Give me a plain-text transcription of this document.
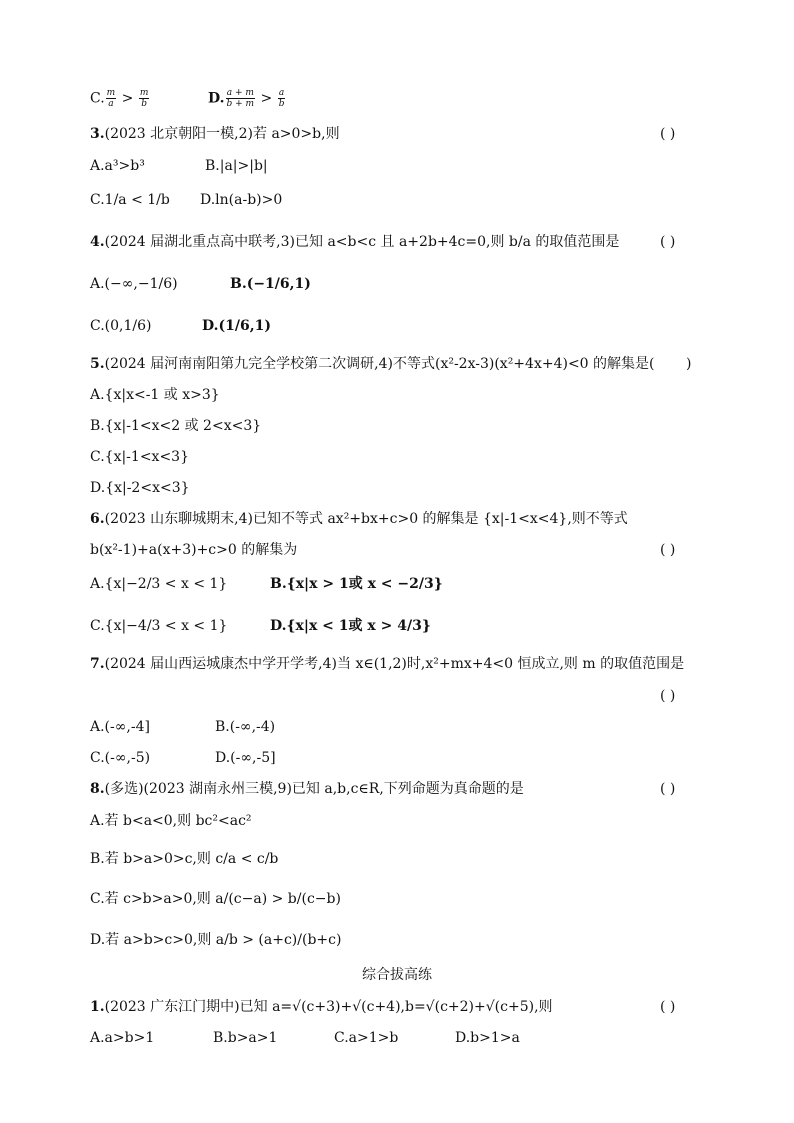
C. $\frac{m}{a} > \frac{m}{b}$	D. $\frac{a + m}{b + m} > \frac{a}{b}$
3.(2023 北京朝阳一模,2)若 a>0>b,则	( )
A.a³>b³	B.|a|>|b|
C.1/a < 1/b D.ln(a-b)>0
4.(2024 届湖北重点高中联考,3)已知 a<b<c 且 a+2b+4c=0,则 b/a 的取值范围是	( )
A.(−∞,−1/6)	B.(−1/6,1)
C.(0,1/6)	D.(1/6,1)
5.(2024 届河南南阳第九完全学校第二次调研,4)不等式(x²-2x-3)(x²+4x+4)<0 的解集是( )
A.{x|x<-1 或 x>3}
B.{x|-1<x<2 或 2<x<3}
C.{x|-1<x<3}
D.{x|-2<x<3}
6.(2023 山东聊城期末,4)已知不等式 ax²+bx+c>0 的解集是 {x|-1<x<4},则不等式
b(x²-1)+a(x+3)+c>0 的解集为	( )
A.{x|−2/3 < x < 1}	B.{x|x > 1或 x < −2/3}
C.{x|−4/3 < x < 1}	D.{x|x < 1或 x > 4/3}
7.(2024 届山西运城康杰中学开学考,4)当 x∈(1,2)时,x²+mx+4<0 恒成立,则 m 的取值范围是
( )
A.(-∞,-4]	B.(-∞,-4)
C.(-∞,-5)	D.(-∞,-5]
8.(多选)(2023 湖南永州三模,9)已知 a,b,c∈R,下列命题为真命题的是	( )
A.若 b<a<0,则 bc²<ac²
B.若 b>a>0>c,则 c/a < c/b
C.若 c>b>a>0,则 a/(c−a) > b/(c−b)
D.若 a>b>c>0,则 a/b > (a+c)/(b+c)
综合拔高练
1.(2023 广东江门期中)已知 a=√(c+3)+√(c+4),b=√(c+2)+√(c+5),则	( )
A.a>b>1	B.b>a>1	C.a>1>b	D.b>1>a
